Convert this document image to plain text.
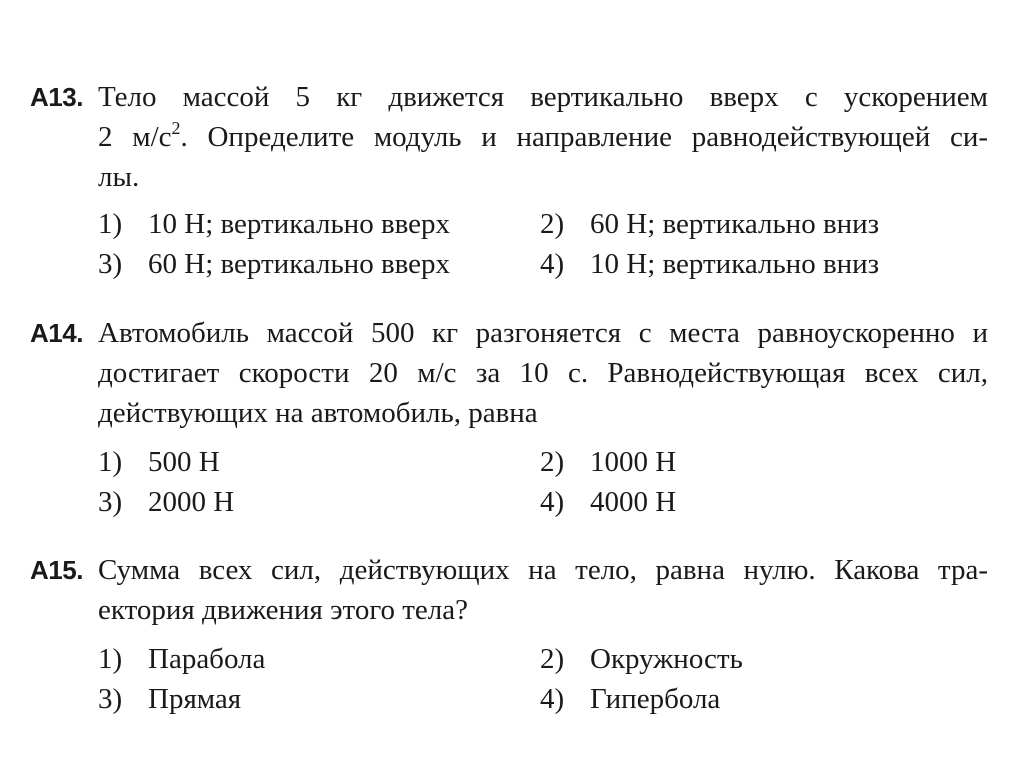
A13. Тело массой 5 кг движется вертикально вверх с ускорением
2 $м/с^2$. Определите модуль и направление равнодействующей си-
лы.
1) 10 Н; вертикально вверх	2) 60 Н; вертикально вниз
3) 60 Н; вертикально вверх	4) 10 Н; вертикально вниз
A14. Автомобиль массой 500 кг разгоняется с места равноускоренно и
достигает скорости 20 м/с за 10 с. Равнодействующая всех сил,
действующих на автомобиль, равна
1) 500 Н	2) 1000 Н
3) 2000 Н	4) 4000 Н
A15. Сумма всех сил, действующих на тело, равна нулю. Какова тра-
ектория движения этого тела?
1) Парабола	2) Окружность
3) Прямая	4) Гипербола
